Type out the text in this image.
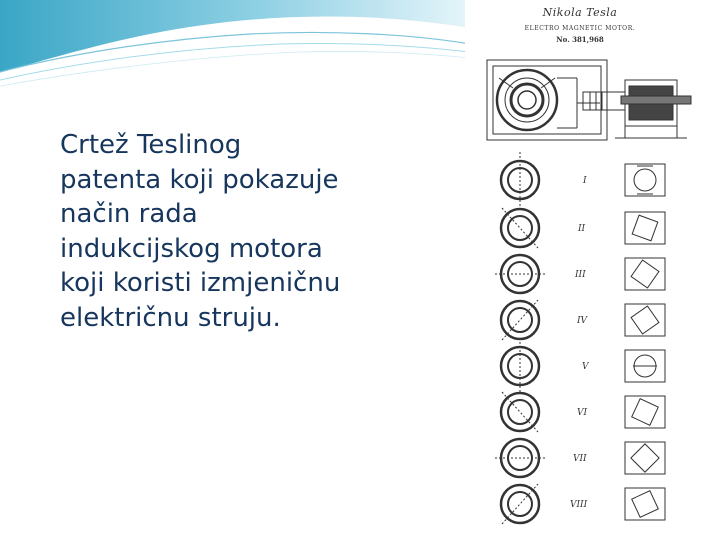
Crtež Teslinog patenta koji pokazuje način rada indukcijskog motora koji koristi izmjeničnu električnu struju.
Nikola Tesla
ELECTRO MAGNETIC MOTOR.
No. 381,968
I
II
III
IV
V
VI
VII
VIII
